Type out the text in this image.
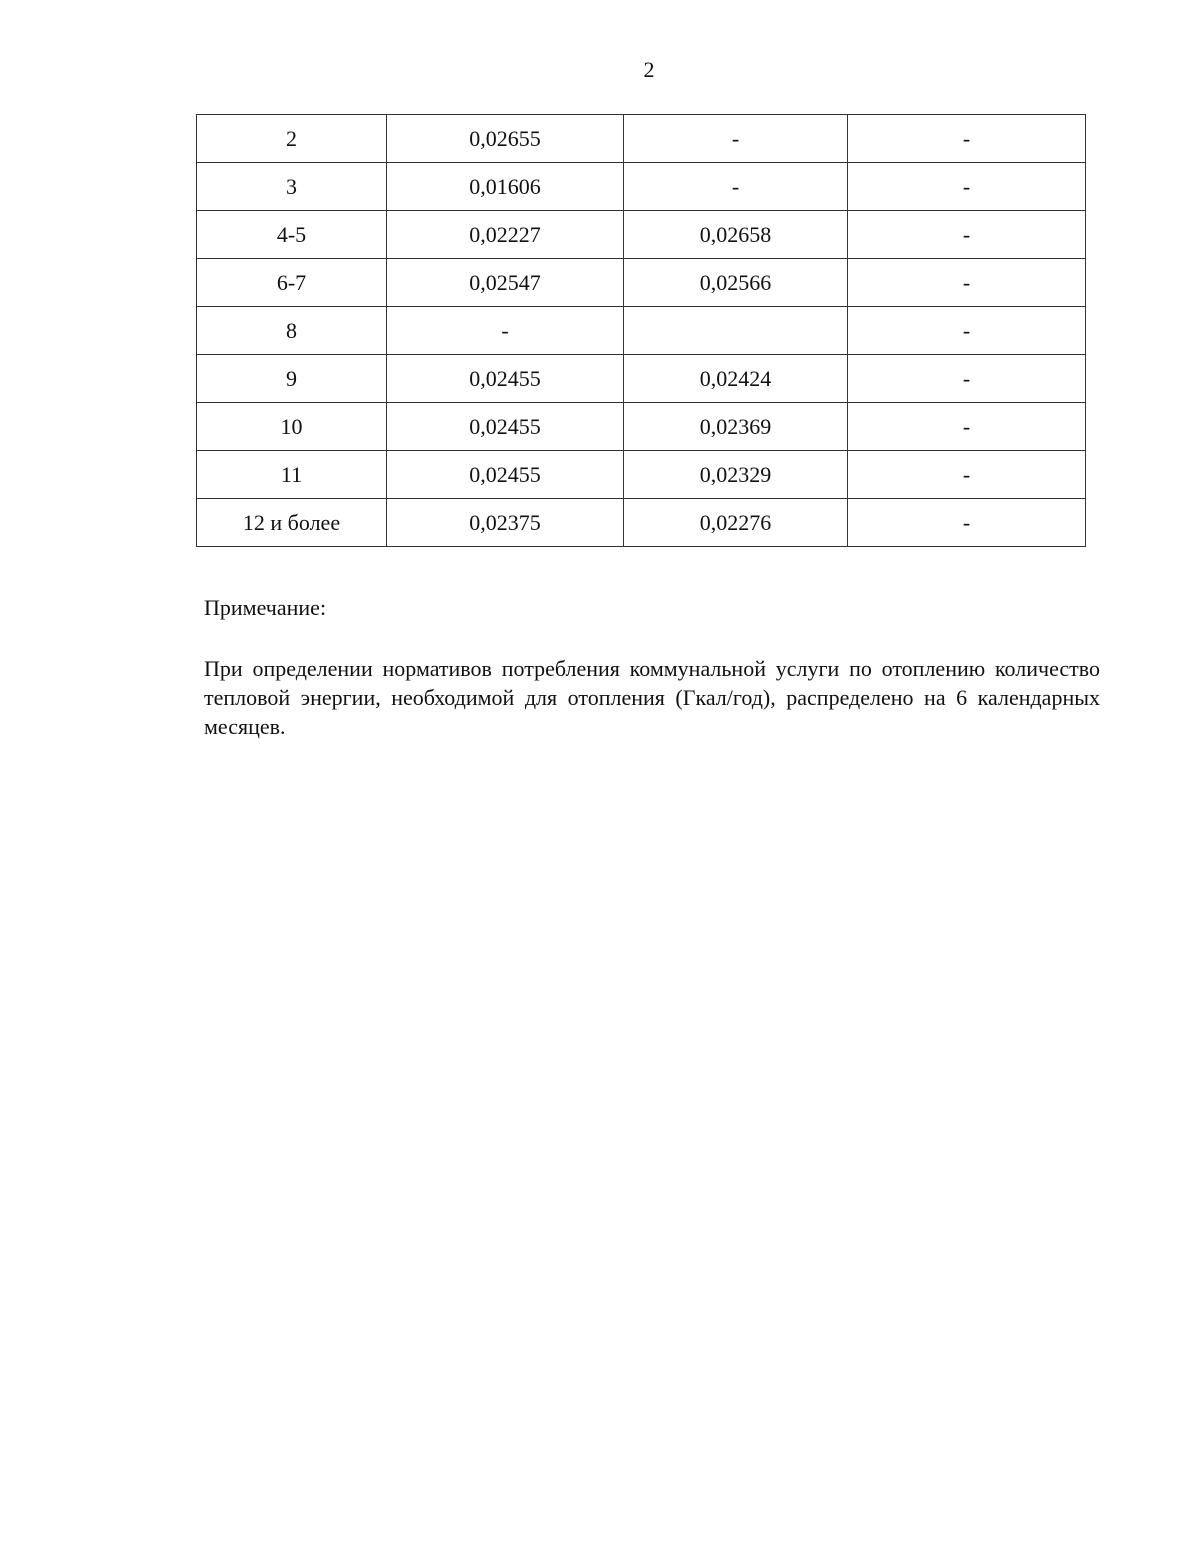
2
2	0,02655	-	-
3	0,01606	-	-
4-5	0,02227	0,02658	-
6-7	0,02547	0,02566	-
8	-		-
9	0,02455	0,02424	-
10	0,02455	0,02369	-
11	0,02455	0,02329	-
12 и более	0,02375	0,02276	-
Примечание:

При определении нормативов потребления коммунальной услуги по отоплению количество тепловой энергии, необходимой для отопления (Гкал/год), распределено на 6 календарных месяцев.
